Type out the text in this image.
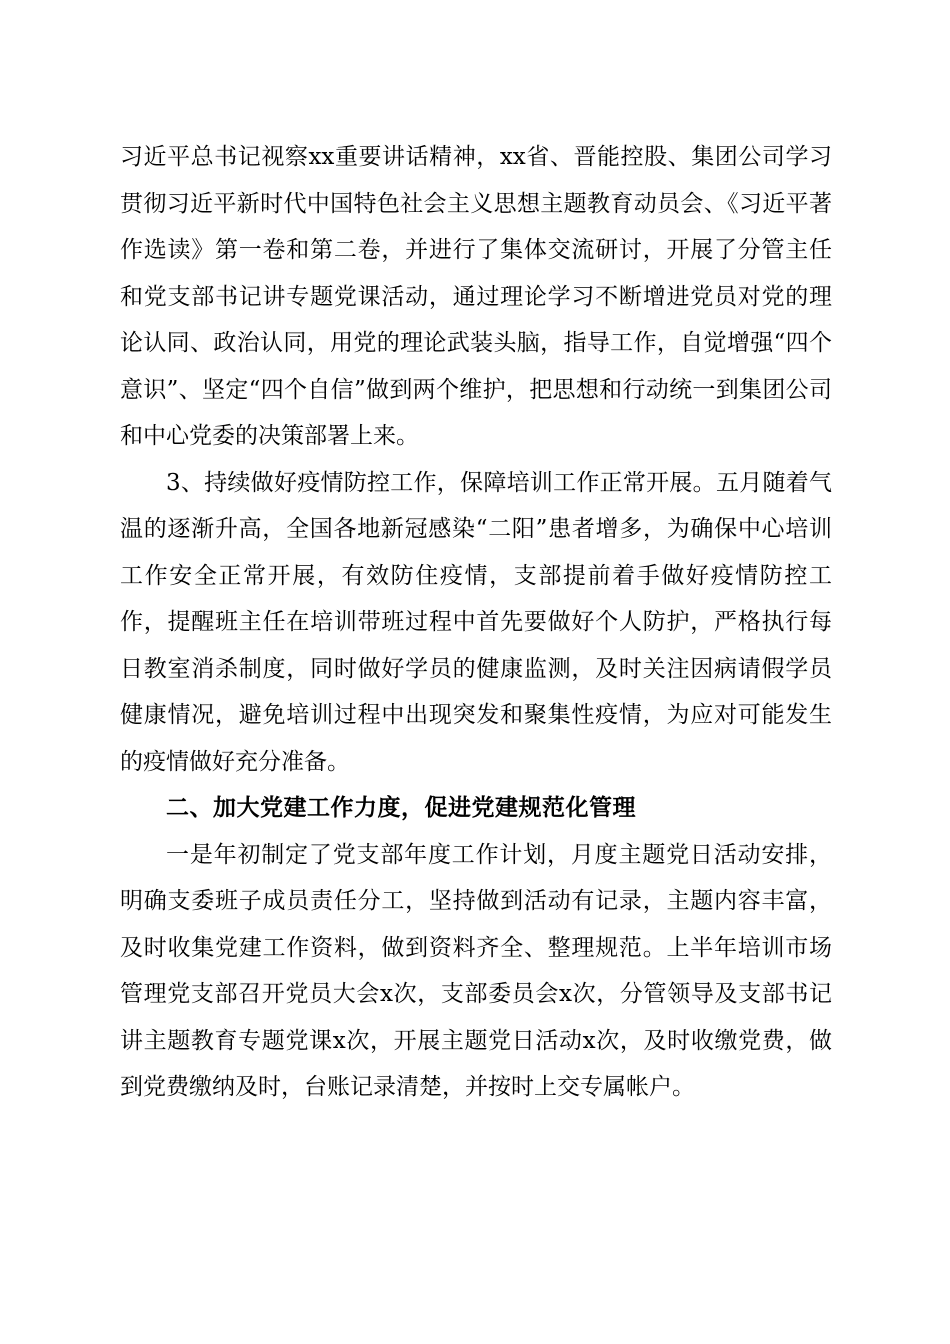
习近平总书记视察xx重要讲话精神，xx省、晋能控股、集团公司学习贯彻习近平新时代中国特色社会主义思想主题教育动员会、《习近平著作选读》第一卷和第二卷，并进行了集体交流研讨，开展了分管主任和党支部书记讲专题党课活动，通过理论学习不断增进党员对党的理论认同、政治认同，用党的理论武装头脑，指导工作，自觉增强“四个意识”、坚定“四个自信”做到两个维护，把思想和行动统一到集团公司和中心党委的决策部署上来。

3、持续做好疫情防控工作，保障培训工作正常开展。五月随着气温的逐渐升高，全国各地新冠感染“二阳”患者增多，为确保中心培训工作安全正常开展，有效防住疫情，支部提前着手做好疫情防控工作，提醒班主任在培训带班过程中首先要做好个人防护，严格执行每日教室消杀制度，同时做好学员的健康监测，及时关注因病请假学员健康情况，避免培训过程中出现突发和聚集性疫情，为应对可能发生的疫情做好充分准备。

二、加大党建工作力度，促进党建规范化管理

一是年初制定了党支部年度工作计划，月度主题党日活动安排，明确支委班子成员责任分工，坚持做到活动有记录，主题内容丰富，及时收集党建工作资料，做到资料齐全、整理规范。上半年培训市场管理党支部召开党员大会x次，支部委员会x次，分管领导及支部书记讲主题教育专题党课x次，开展主题党日活动x次，及时收缴党费，做到党费缴纳及时，台账记录清楚，并按时上交专属帐户。
